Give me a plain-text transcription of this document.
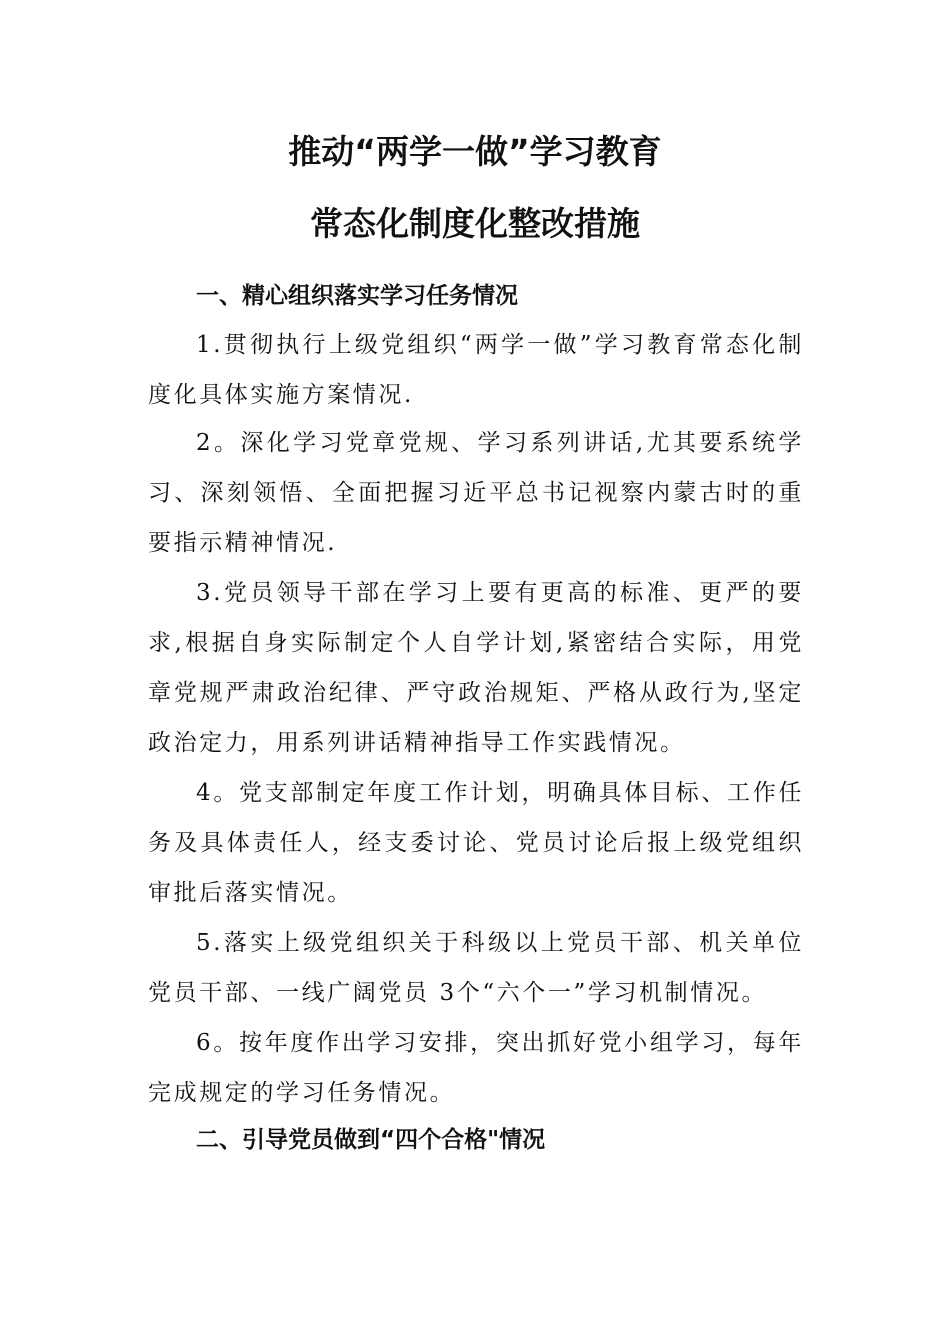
推动“两学一做”学习教育
常态化制度化整改措施
一、精心组织落实学习任务情况

1.贯彻执行上级党组织“两学一做”学习教育常态化制度化具体实施方案情况.

2。深化学习党章党规、学习系列讲话,尤其要系统学习、深刻领悟、全面把握习近平总书记视察内蒙古时的重要指示精神情况.

3.党员领导干部在学习上要有更高的标准、更严的要求,根据自身实际制定个人自学计划,紧密结合实际，用党章党规严肃政治纪律、严守政治规矩、严格从政行为,坚定政治定力，用系列讲话精神指导工作实践情况。

4。党支部制定年度工作计划，明确具体目标、工作任务及具体责任人，经支委讨论、党员讨论后报上级党组织审批后落实情况。

5.落实上级党组织关于科级以上党员干部、机关单位党员干部、一线广阔党员 3个“六个一”学习机制情况。

6。按年度作出学习安排，突出抓好党小组学习，每年完成规定的学习任务情况。

二、引导党员做到“四个合格"情况
